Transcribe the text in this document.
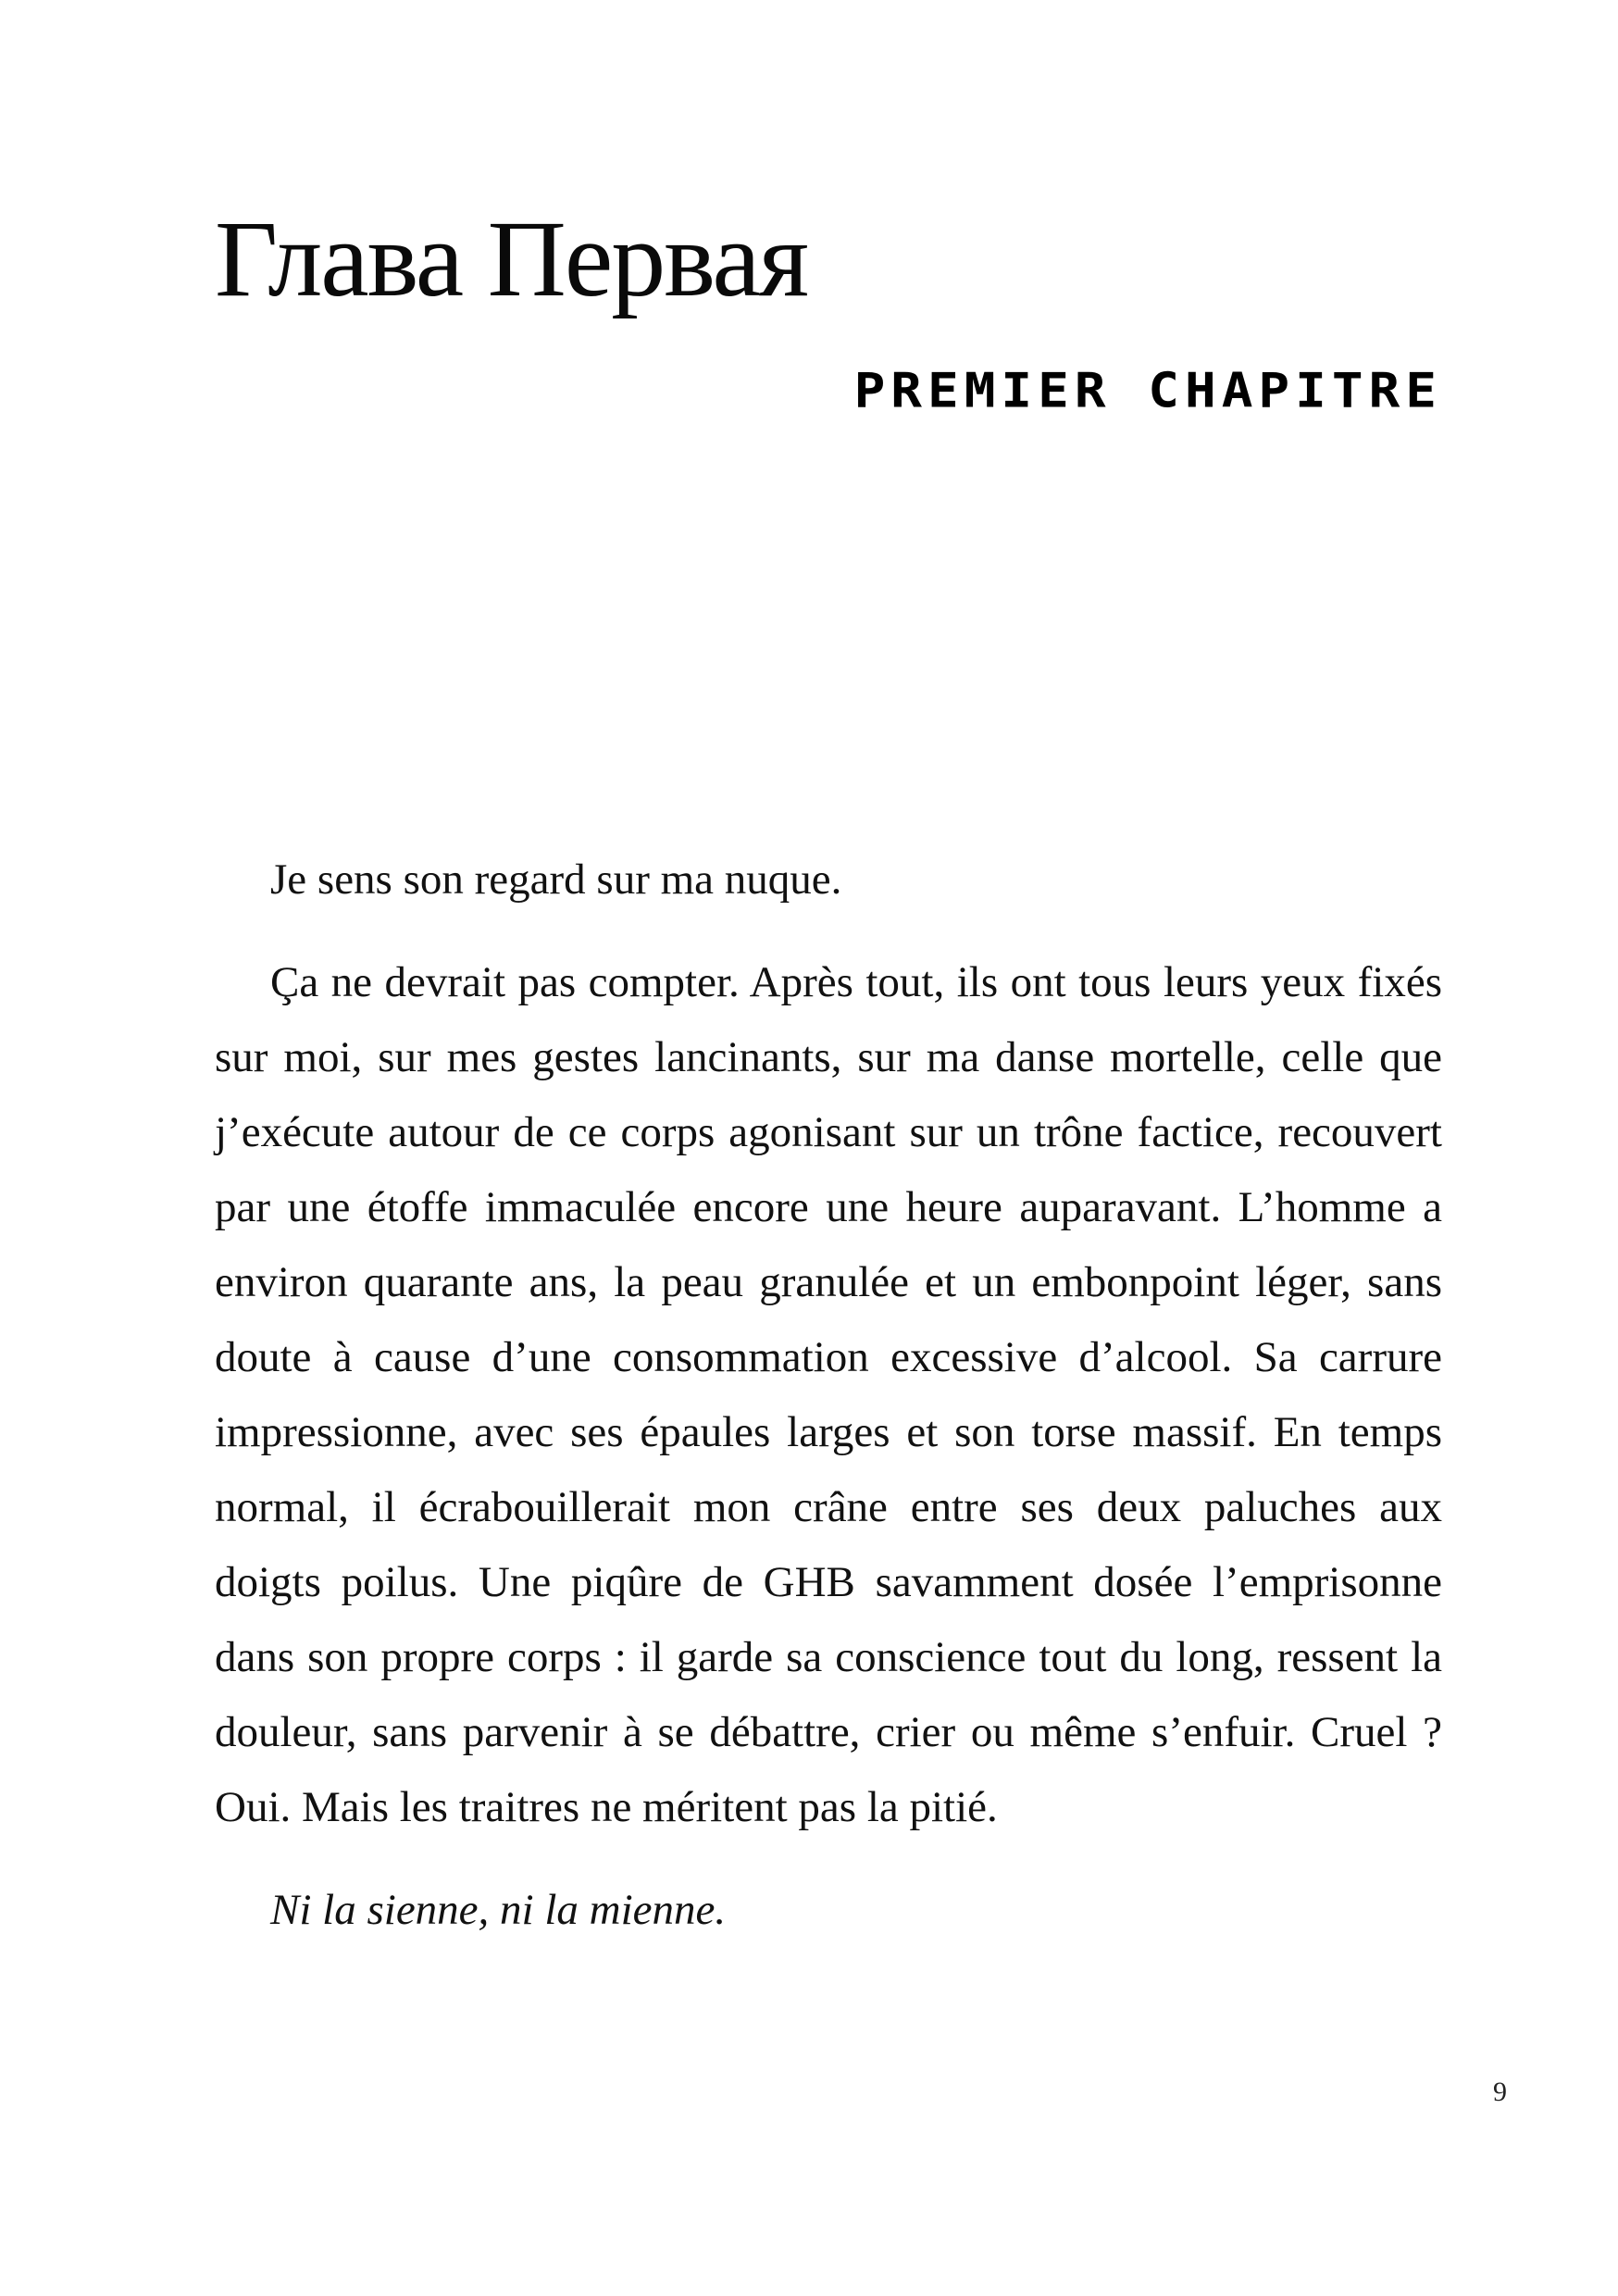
Глава Первая
PREMIER CHAPITRE

Je sens son regard sur ma nuque.

Ça ne devrait pas compter. Après tout, ils ont tous leurs yeux fixés sur moi, sur mes gestes lancinants, sur ma danse mortelle, celle que j’exécute autour de ce corps agonisant sur un trône factice, recouvert par une étoffe immaculée encore une heure auparavant. L’homme a environ quarante ans, la peau granulée et un embonpoint léger, sans doute à cause d’une consommation excessive d’alcool. Sa carrure impressionne, avec ses épaules larges et son torse massif. En temps normal, il écrabouillerait mon crâne entre ses deux paluches aux doigts poilus. Une piqûre de GHB savamment dosée l’emprisonne dans son propre corps : il garde sa conscience tout du long, ressent la douleur, sans parvenir à se débattre, crier ou même s’enfuir. Cruel ? Oui. Mais les traitres ne méritent pas la pitié.

Ni la sienne, ni la mienne.

9
